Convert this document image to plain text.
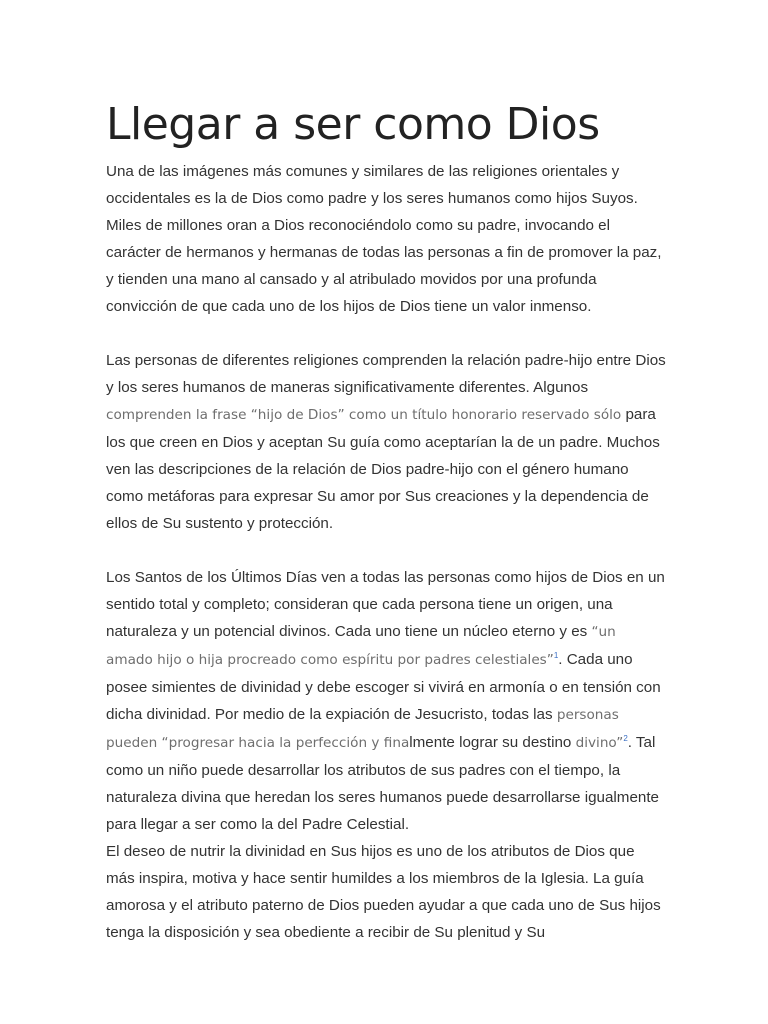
Llegar a ser como Dios

Una de las imágenes más comunes y similares de las religiones orientales y occidentales es la de Dios como padre y los seres humanos como hijos Suyos. Miles de millones oran a Dios reconociéndolo como su padre, invocando el carácter de hermanos y hermanas de todas las personas a fin de promover la paz, y tienden una mano al cansado y al atribulado movidos por una profunda convicción de que cada uno de los hijos de Dios tiene un valor inmenso.

Las personas de diferentes religiones comprenden la relación padre-hijo entre Dios y los seres humanos de maneras significativamente diferentes. Algunos comprenden la frase “hijo de Dios” como un título honorario reservado sólo para los que creen en Dios y aceptan Su guía como aceptarían la de un padre. Muchos ven las descripciones de la relación de Dios padre-hijo con el género humano como metáforas para expresar Su amor por Sus creaciones y la dependencia de ellos de Su sustento y protección.

Los Santos de los Últimos Días ven a todas las personas como hijos de Dios en un sentido total y completo; consideran que cada persona tiene un origen, una naturaleza y un potencial divinos. Cada uno tiene un núcleo eterno y es “un amado hijo o hija procreado como espíritu por padres celestiales”$^1$. Cada uno posee simientes de divinidad y debe escoger si vivirá en armonía o en tensión con dicha divinidad. Por medio de la expiación de Jesucristo, todas las personas pueden “progresar hacia la perfección y finalmente lograr su destino divino”$^2$. Tal como un niño puede desarrollar los atributos de sus padres con el tiempo, la naturaleza divina que heredan los seres humanos puede desarrollarse igualmente para llegar a ser como la del Padre Celestial.

El deseo de nutrir la divinidad en Sus hijos es uno de los atributos de Dios que más inspira, motiva y hace sentir humildes a los miembros de la Iglesia. La guía amorosa y el atributo paterno de Dios pueden ayudar a que cada uno de Sus hijos tenga la disposición y sea obediente a recibir de Su plenitud y Su
